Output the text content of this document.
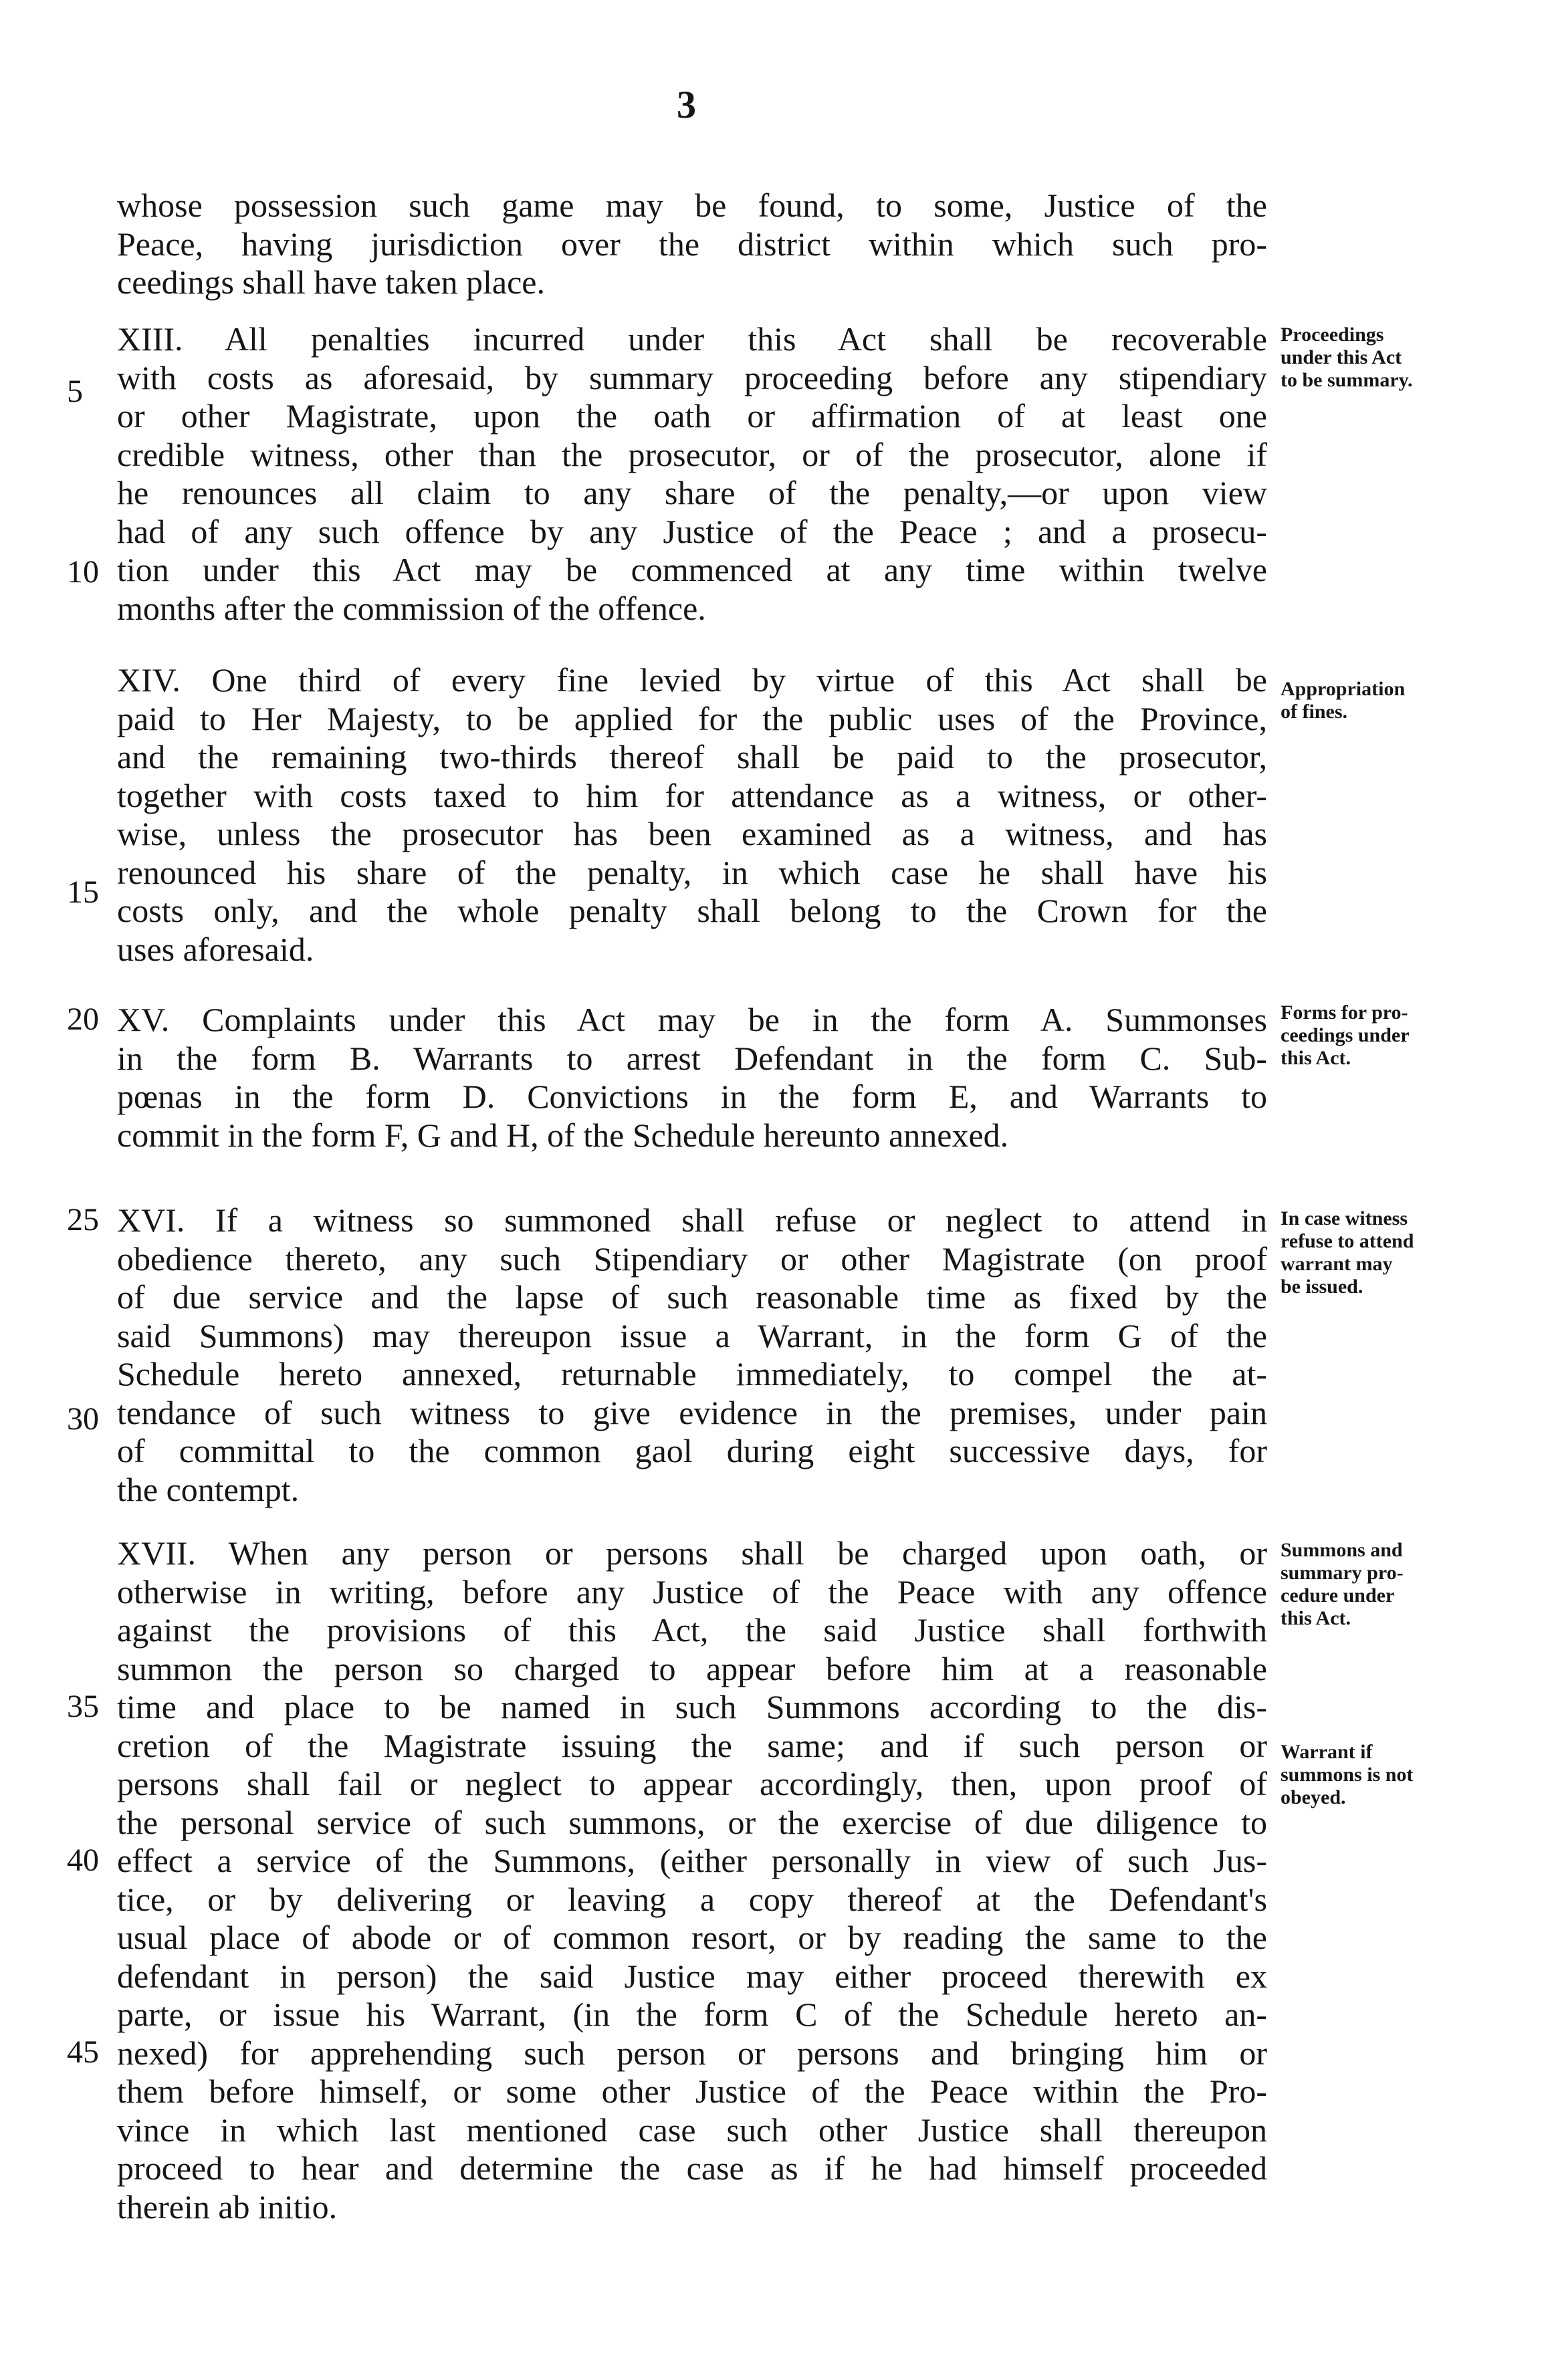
3
whose possession such game may be found, to some, Justice of the
Peace, having jurisdiction over the district within which such pro-
ceedings shall have taken place.
XIII. All penalties incurred under this Act shall be recoverable
with costs as aforesaid, by summary proceeding before any stipendiary
or other Magistrate, upon the oath or affirmation of at least one
credible witness, other than the prosecutor, or of the prosecutor, alone if
he renounces all claim to any share of the penalty,—or upon view
had of any such offence by any Justice of the Peace ; and a prosecu-
tion under this Act may be commenced at any time within twelve
months after the commission of the offence.
XIV. One third of every fine levied by virtue of this Act shall be
paid to Her Majesty, to be applied for the public uses of the Province,
and the remaining two-thirds thereof shall be paid to the prosecutor,
together with costs taxed to him for attendance as a witness, or other-
wise, unless the prosecutor has been examined as a witness, and has
renounced his share of the penalty, in which case he shall have his
costs only, and the whole penalty shall belong to the Crown for the
uses aforesaid.
XV. Complaints under this Act may be in the form A. Summonses
in the form B. Warrants to arrest Defendant in the form C. Sub-
pœnas in the form D. Convictions in the form E, and Warrants to
commit in the form F, G and H, of the Schedule hereunto annexed.
XVI. If a witness so summoned shall refuse or neglect to attend in
obedience thereto, any such Stipendiary or other Magistrate (on proof
of due service and the lapse of such reasonable time as fixed by the
said Summons) may thereupon issue a Warrant, in the form G of the
Schedule hereto annexed, returnable immediately, to compel the at-
tendance of such witness to give evidence in the premises, under pain
of committal to the common gaol during eight successive days, for
the contempt.
XVII. When any person or persons shall be charged upon oath, or
otherwise in writing, before any Justice of the Peace with any offence
against the provisions of this Act, the said Justice shall forthwith
summon the person so charged to appear before him at a reasonable
time and place to be named in such Summons according to the dis-
cretion of the Magistrate issuing the same; and if such person or
persons shall fail or neglect to appear accordingly, then, upon proof of
the personal service of such summons, or the exercise of due diligence to
effect a service of the Summons, (either personally in view of such Jus-
tice, or by delivering or leaving a copy thereof at the Defendant's
usual place of abode or of common resort, or by reading the same to the
defendant in person) the said Justice may either proceed therewith ex
parte, or issue his Warrant, (in the form C of the Schedule hereto an-
nexed) for apprehending such person or persons and bringing him or
them before himself, or some other Justice of the Peace within the Pro-
vince in which last mentioned case such other Justice shall thereupon
proceed to hear and determine the case as if he had himself proceeded
therein ab initio.
5
10
15
20
25
30
35
40
45
Proceedings
under this Act
to be summary.
Appropriation
of fines.
Forms for pro-
ceedings under
this Act.
In case witness
refuse to attend
warrant may
be issued.
Summons and
summary pro-
cedure under
this Act.
Warrant if
summons is not
obeyed.
